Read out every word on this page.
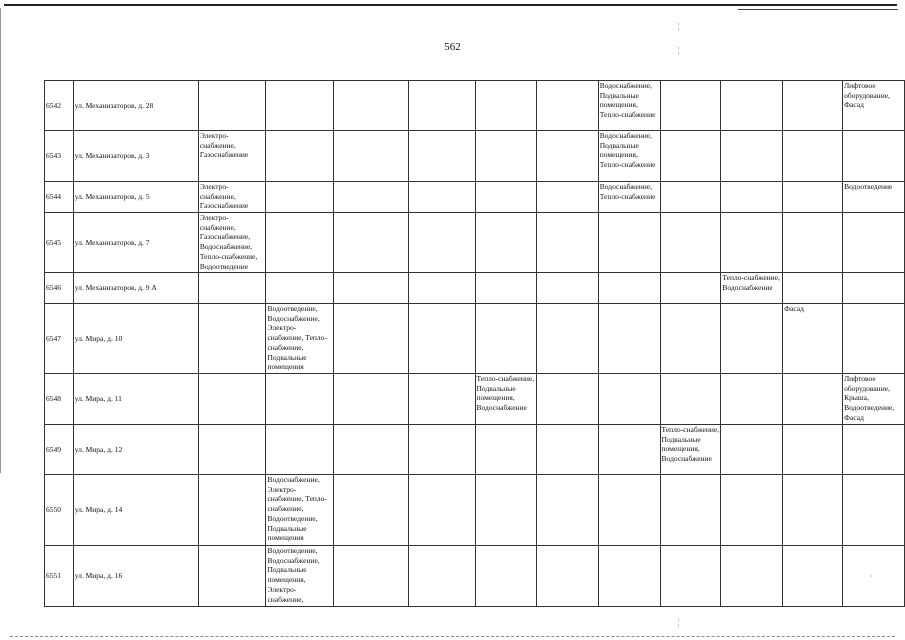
562
6542	ул. Механизаторов, д. 28							Водоснабжение, Подвальные помещения, Тепло-снабжение				Лифтовое оборудование, Фасад
6543	ул. Механизаторов, д. 3	Электро-снабжение, Газоснабжение						Водоснабжение, Подвальные помещения, Тепло-снабжение				
6544	ул. Механизаторов, д. 5	Электро-снабжение, Газоснабжение						Водоснабжение, Тепло-снабжение				Водоотведение
6545	ул. Механизаторов, д. 7	Электро-снабжение, Газоснабжение, Водоснабжение, Тепло-снабжение, Водоотведение										
6546	ул. Механизаторов, д. 9 А									Тепло-снабжение, Водоснабжение		
6547	ул. Мира, д. 10		Водоотведение, Водоснабжение, Электро-снабжение, Тепло-снабжение, Подвальные помещения								Фасад	
6548	ул. Мира, д. 11					Тепло-снабжение, Подвальные помещения, Водоснабжение						Лифтовое оборудование, Крыша, Водоотведение, Фасад
6549	ул. Мира, д. 12								Тепло-снабжение, Подвальные помещения, Водоснабжение			
6550	ул. Мира, д. 14		Водоснабжение, Электро-снабжение, Тепло-снабжение, Водоотведение, Подвальные помещения									
6551	ул. Мира, д. 16		Водоотведение, Водоснабжение, Подвальные помещения, Электро-снабжение,									
¦
¦
·
¦
